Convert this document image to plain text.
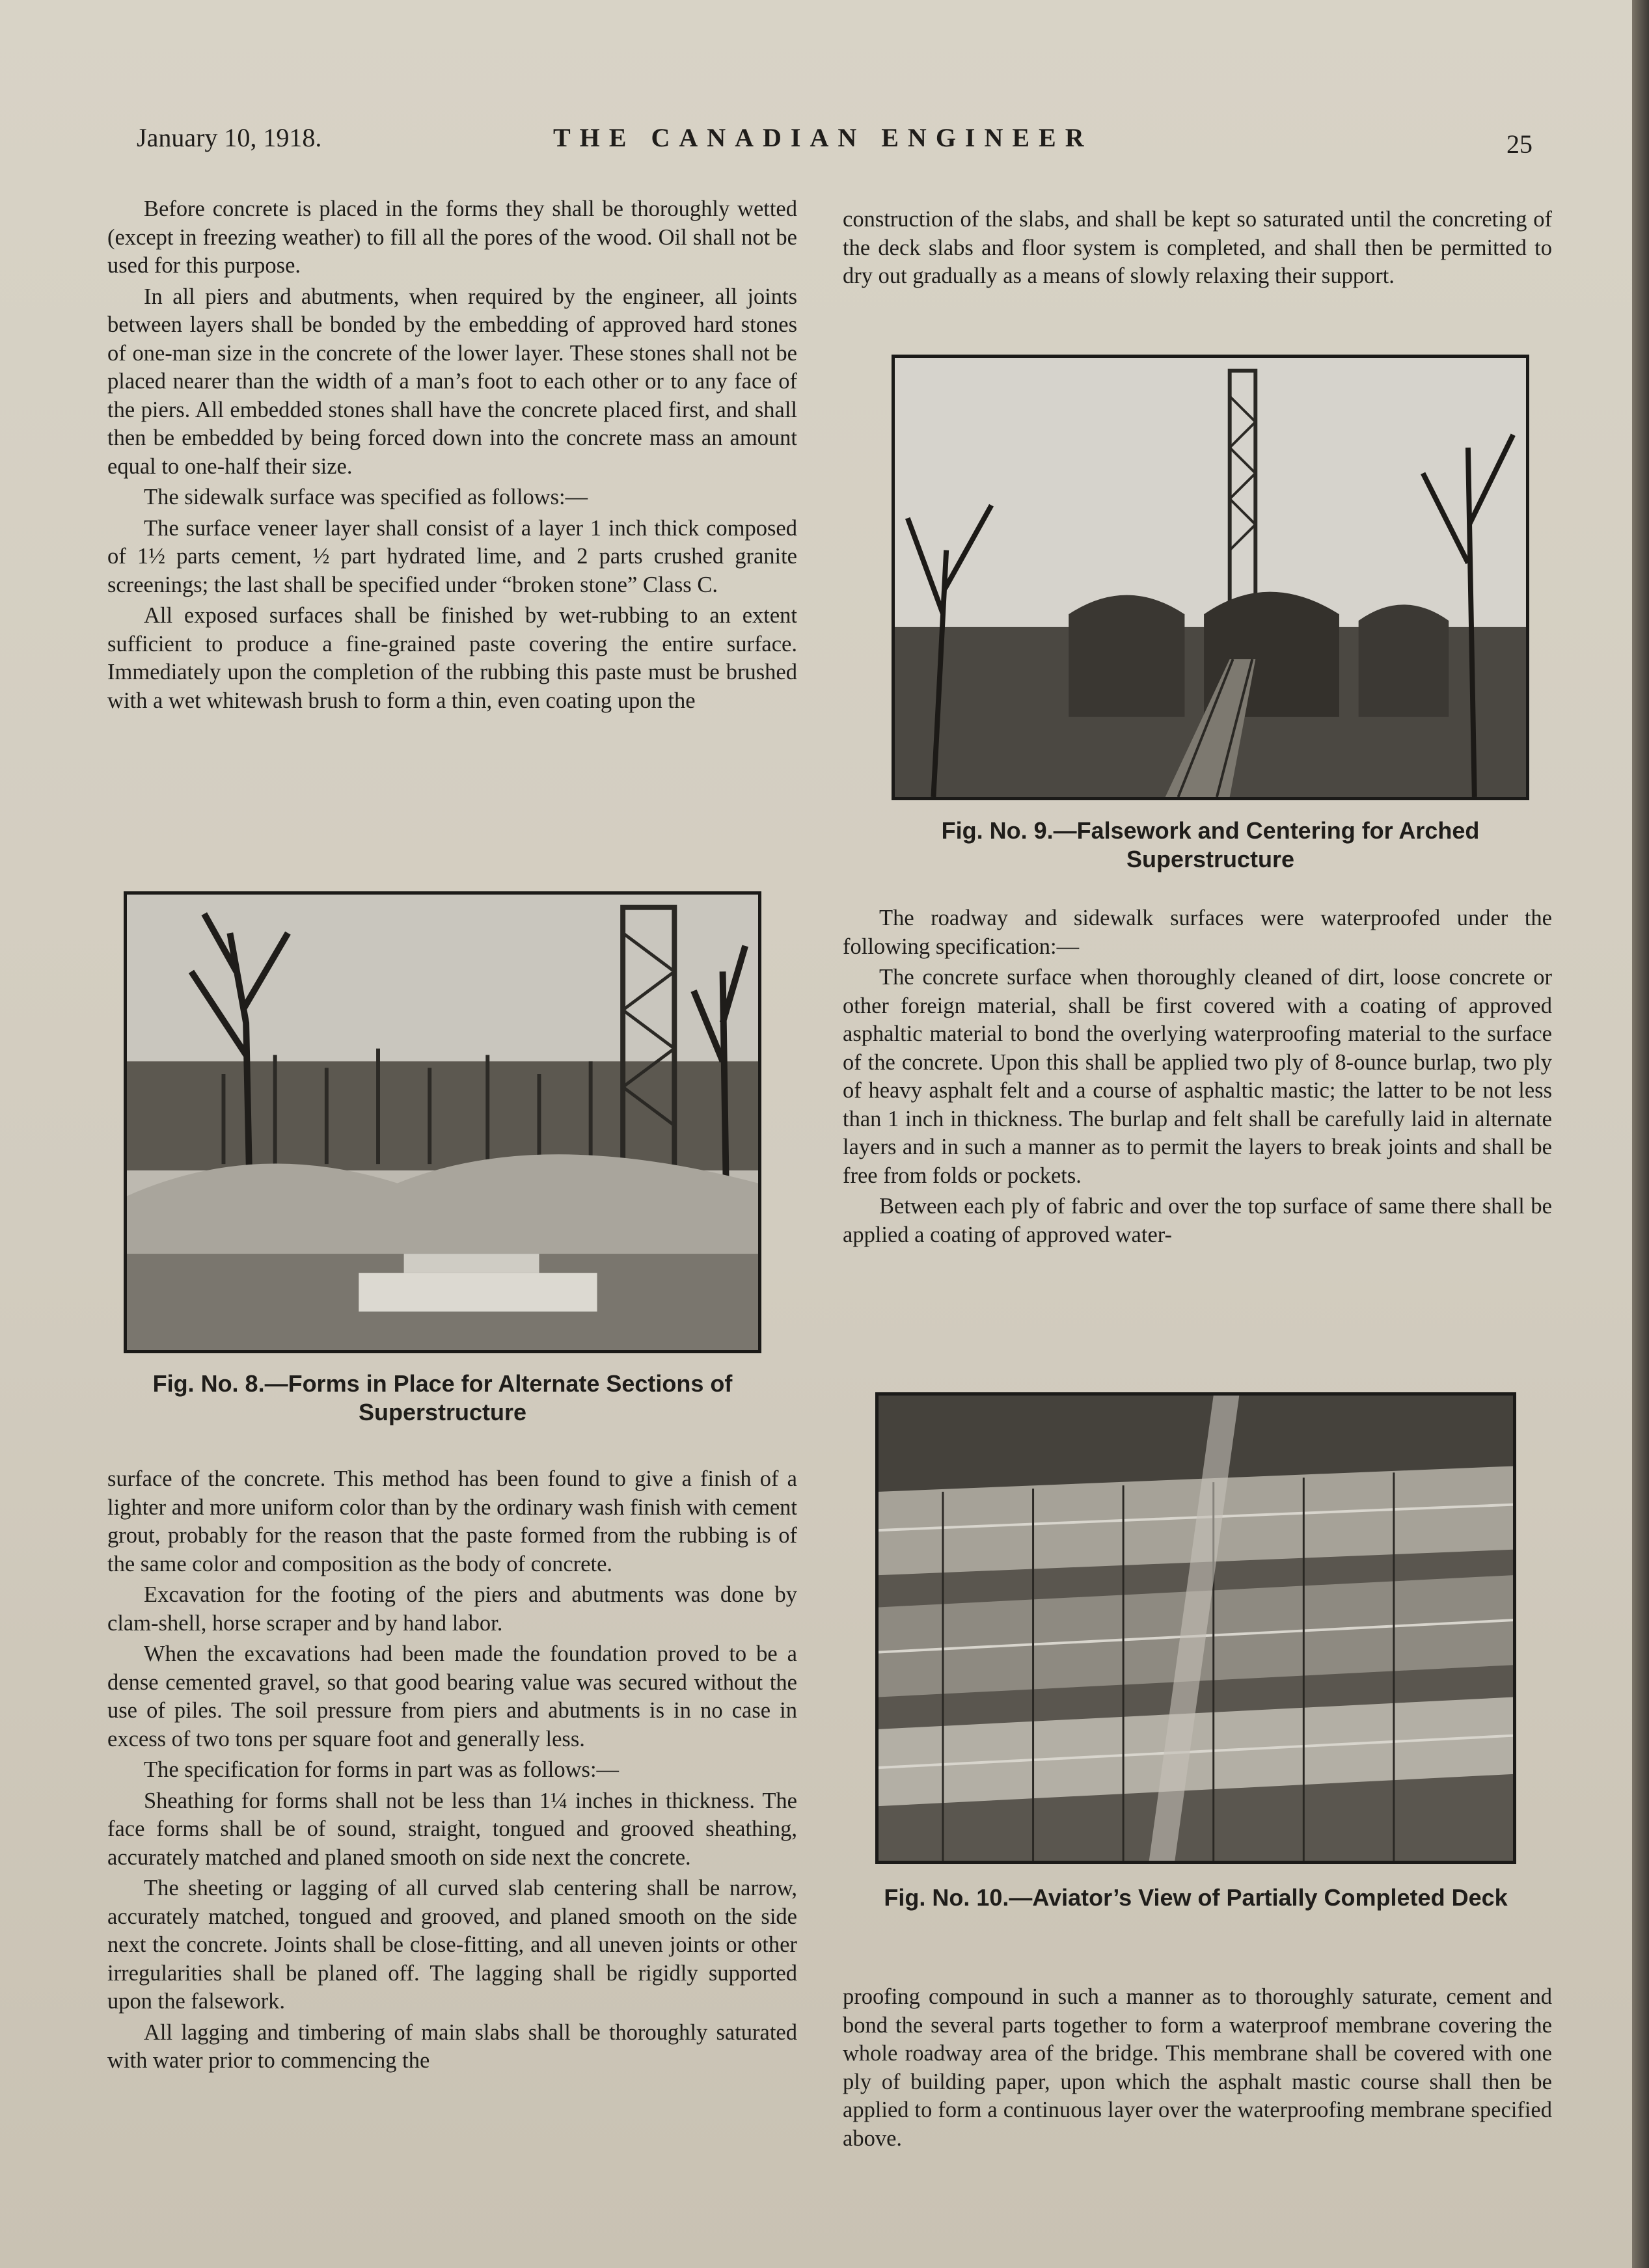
January 10, 1918.	THE CANADIAN ENGINEER	25

Before concrete is placed in the forms they shall be thoroughly wetted (except in freezing weather) to fill all the pores of the wood. Oil shall not be used for this purpose.

In all piers and abutments, when required by the engineer, all joints between layers shall be bonded by the embedding of approved hard stones of one-man size in the concrete of the lower layer. These stones shall not be placed nearer than the width of a man’s foot to each other or to any face of the piers. All embedded stones shall have the concrete placed first, and shall then be embedded by being forced down into the concrete mass an amount equal to one-half their size.

The sidewalk surface was specified as follows:—

The surface veneer layer shall consist of a layer 1 inch thick composed of 1½ parts cement, ½ part hydrated lime, and 2 parts crushed granite screenings; the last shall be specified under “broken stone” Class C.

All exposed surfaces shall be finished by wet-rubbing to an extent sufficient to produce a fine-grained paste covering the entire surface. Immediately upon the completion of the rubbing this paste must be brushed with a wet whitewash brush to form a thin, even coating upon the

Fig. No. 8.—Forms in Place for Alternate Sections of Superstructure

surface of the concrete. This method has been found to give a finish of a lighter and more uniform color than by the ordinary wash finish with cement grout, probably for the reason that the paste formed from the rubbing is of the same color and composition as the body of concrete.

Excavation for the footing of the piers and abutments was done by clam-shell, horse scraper and by hand labor.

When the excavations had been made the foundation proved to be a dense cemented gravel, so that good bearing value was secured without the use of piles. The soil pressure from piers and abutments is in no case in excess of two tons per square foot and generally less.

The specification for forms in part was as follows:—

Sheathing for forms shall not be less than 1¼ inches in thickness. The face forms shall be of sound, straight, tongued and grooved sheathing, accurately matched and planed smooth on side next the concrete.

The sheeting or lagging of all curved slab centering shall be narrow, accurately matched, tongued and grooved, and planed smooth on the side next the concrete. Joints shall be close-fitting, and all uneven joints or other irregularities shall be planed off. The lagging shall be rigidly supported upon the falsework.

All lagging and timbering of main slabs shall be thoroughly saturated with water prior to commencing the

construction of the slabs, and shall be kept so saturated until the concreting of the deck slabs and floor system is completed, and shall then be permitted to dry out gradually as a means of slowly relaxing their support.

Fig. No. 9.—Falsework and Centering for Arched Superstructure

The roadway and sidewalk surfaces were waterproofed under the following specification:—

The concrete surface when thoroughly cleaned of dirt, loose concrete or other foreign material, shall be first covered with a coating of approved asphaltic material to bond the overlying waterproofing material to the surface of the concrete. Upon this shall be applied two ply of 8-ounce burlap, two ply of heavy asphalt felt and a course of asphaltic mastic; the latter to be not less than 1 inch in thickness. The burlap and felt shall be carefully laid in alternate layers and in such a manner as to permit the layers to break joints and shall be free from folds or pockets.

Between each ply of fabric and over the top surface of same there shall be applied a coating of approved water-

Fig. No. 10.—Aviator’s View of Partially Completed Deck

proofing compound in such a manner as to thoroughly saturate, cement and bond the several parts together to form a waterproof membrane covering the whole roadway area of the bridge. This membrane shall be covered with one ply of building paper, upon which the asphalt mastic course shall then be applied to form a continuous layer over the waterproofing membrane specified above.
